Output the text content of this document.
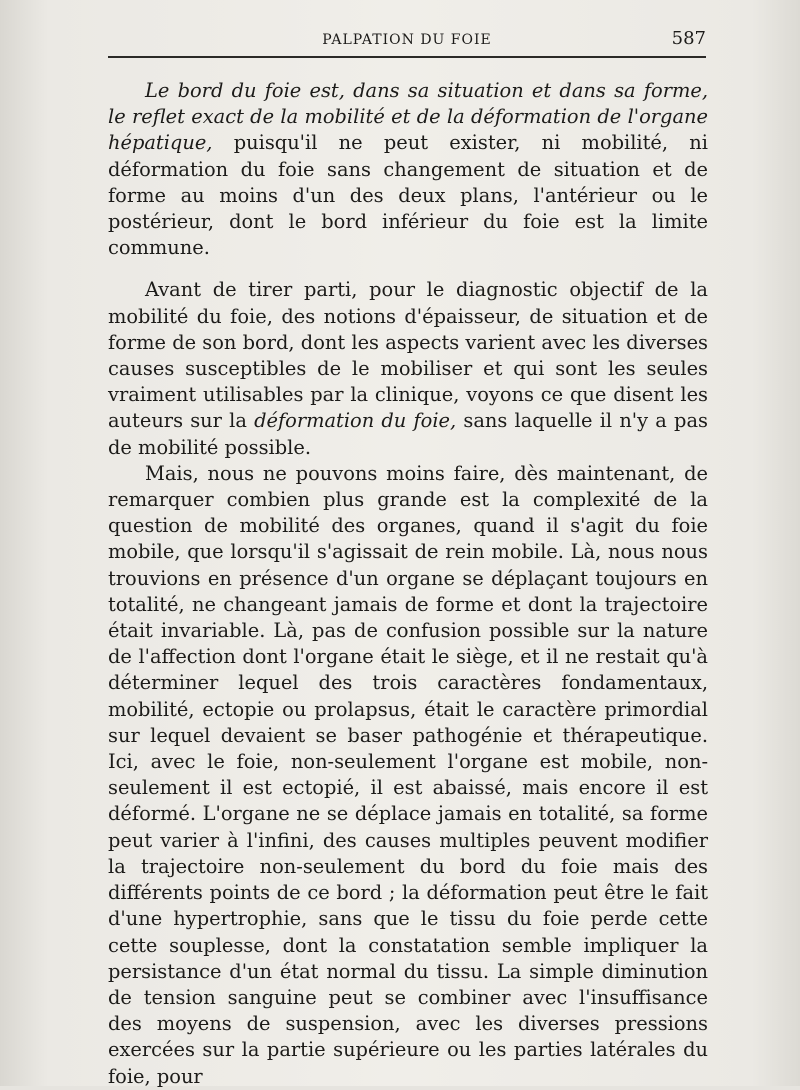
PALPATION DU FOIE	587

Le bord du foie est, dans sa situation et dans sa forme, le reflet exact de la mobilité et de la déformation de l'organe hépatique, puisqu'il ne peut exister, ni mobilité, ni déformation du foie sans changement de situation et de forme au moins d'un des deux plans, l'antérieur ou le postérieur, dont le bord inférieur du foie est la limite commune.

Avant de tirer parti, pour le diagnostic objectif de la mobilité du foie, des notions d'épaisseur, de situation et de forme de son bord, dont les aspects varient avec les diverses causes susceptibles de le mobiliser et qui sont les seules vraiment utilisables par la clinique, voyons ce que disent les auteurs sur la déformation du foie, sans laquelle il n'y a pas de mobilité possible.

Mais, nous ne pouvons moins faire, dès maintenant, de remarquer combien plus grande est la complexité de la question de mobilité des organes, quand il s'agit du foie mobile, que lorsqu'il s'agissait de rein mobile. Là, nous nous trouvions en présence d'un organe se déplaçant toujours en totalité, ne changeant jamais de forme et dont la trajectoire était invariable. Là, pas de confusion possible sur la nature de l'affection dont l'organe était le siège, et il ne restait qu'à déterminer lequel des trois caractères fondamentaux, mobilité, ectopie ou prolapsus, était le caractère primordial sur lequel devaient se baser pathogénie et thérapeutique. Ici, avec le foie, non-seulement l'organe est mobile, non-seulement il est ectopié, il est abaissé, mais encore il est déformé. L'organe ne se déplace jamais en totalité, sa forme peut varier à l'infini, des causes multiples peuvent modifier la trajectoire non-seulement du bord du foie mais des différents points de ce bord ; la déformation peut être le fait d'une hypertrophie, sans que le tissu du foie perde cette cette souplesse, dont la constatation semble impliquer la persistance d'un état normal du tissu. La simple diminution de tension sanguine peut se combiner avec l'insuffisance des moyens de suspension, avec les diverses pressions exercées sur la partie supérieure ou les parties latérales du foie, pour
